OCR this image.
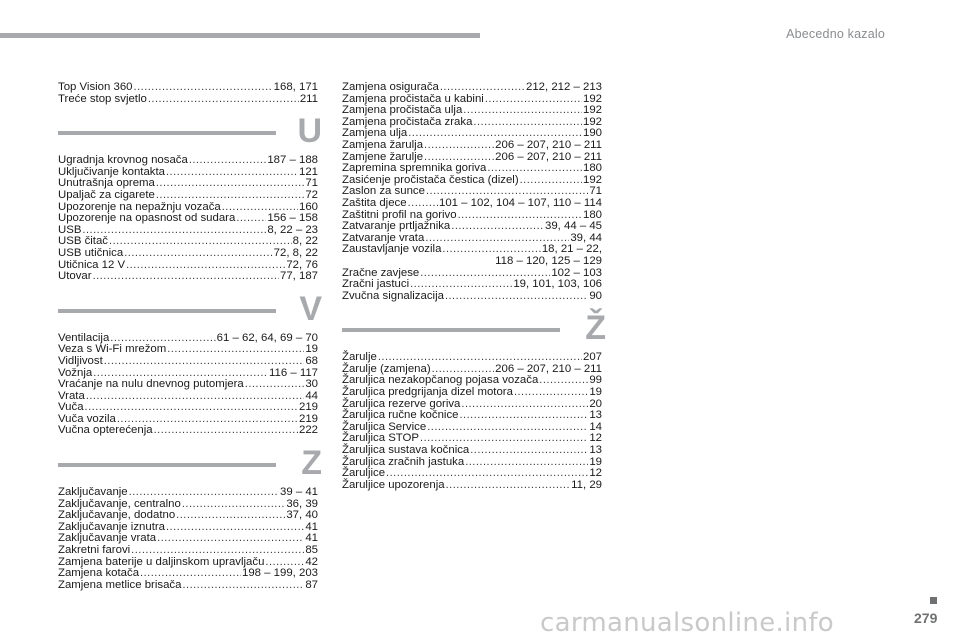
Abecedno kazalo
Top Vision 360 .....	168, 171
Treće stop svjetlo .....	211
U
Ugradnja krovnog nosača .....	187 – 188
Uključivanje kontakta .....	121
Unutrašnja oprema .....	71
Upaljač za cigarete .....	72
Upozorenje na nepažnju vozača .....	160
Upozorenje na opasnost od sudara .....	156 – 158
USB .....	8, 22 – 23
USB čitač .....	8, 22
USB utičnica .....	72, 8, 22
Utičnica 12 V .....	72, 76
Utovar .....	77, 187
V
Ventilacija .....	61 – 62, 64, 69 – 70
Veza s Wi-Fi mrežom .....	19
Vidljivost .....	68
Vožnja .....	116 – 117
Vraćanje na nulu dnevnog putomjera .....	30
Vrata .....	44
Vuča .....	219
Vuča vozila .....	219
Vučna opterećenja .....	222
Z
Zaključavanje .....	39 – 41
Zaključavanje, centralno .....	36, 39
Zaključavanje, dodatno .....	37, 40
Zaključavanje iznutra .....	41
Zaključavanje vrata .....	41
Zakretni farovi .....	85
Zamjena baterije u daljinskom upravljaču .....	42
Zamjena kotača .....	198 – 199, 203
Zamjena metlice brisača .....	87
Zamjena osigurača .....	212, 212 – 213
Zamjena pročistača u kabini .....	192
Zamjena pročistača ulja .....	192
Zamjena pročistača zraka .....	192
Zamjena ulja .....	190
Zamjena žarulja .....	206 – 207, 210 – 211
Zamjene žarulje .....	206 – 207, 210 – 211
Zapremina spremnika goriva .....	180
Zasićenje pročistača čestica (dizel) .....	192
Zaslon za sunce .....	71
Zaštita djece .....	101 – 102, 104 – 107, 110 – 114
Zaštitni profil na gorivo .....	180
Zatvaranje prtljažnika .....	39, 44 – 45
Zatvaranje vrata .....	39, 44
Zaustavljanje vozila .....	18, 21 – 22,
118 – 120, 125 – 129
Zračne zavjese .....	102 – 103
Zračni jastuci .....	19, 101, 103, 106
Zvučna signalizacija .....	90
Ž
Žarulje .....	207
Žarulje (zamjena) .....	206 – 207, 210 – 211
Žaruljica nezakopčanog pojasa vozača .....	99
Žaruljica predgrijanja dizel motora .....	19
Žaruljica rezerve goriva .....	20
Žaruljica ručne kočnice .....	13
Žaruljica Service .....	14
Žaruljica STOP .....	12
Žaruljica sustava kočnica .....	13
Žaruljica zračnih jastuka .....	19
Žaruljice .....	12
Žaruljice upozorenja .....	11, 29
279
carmanualsonline.info
